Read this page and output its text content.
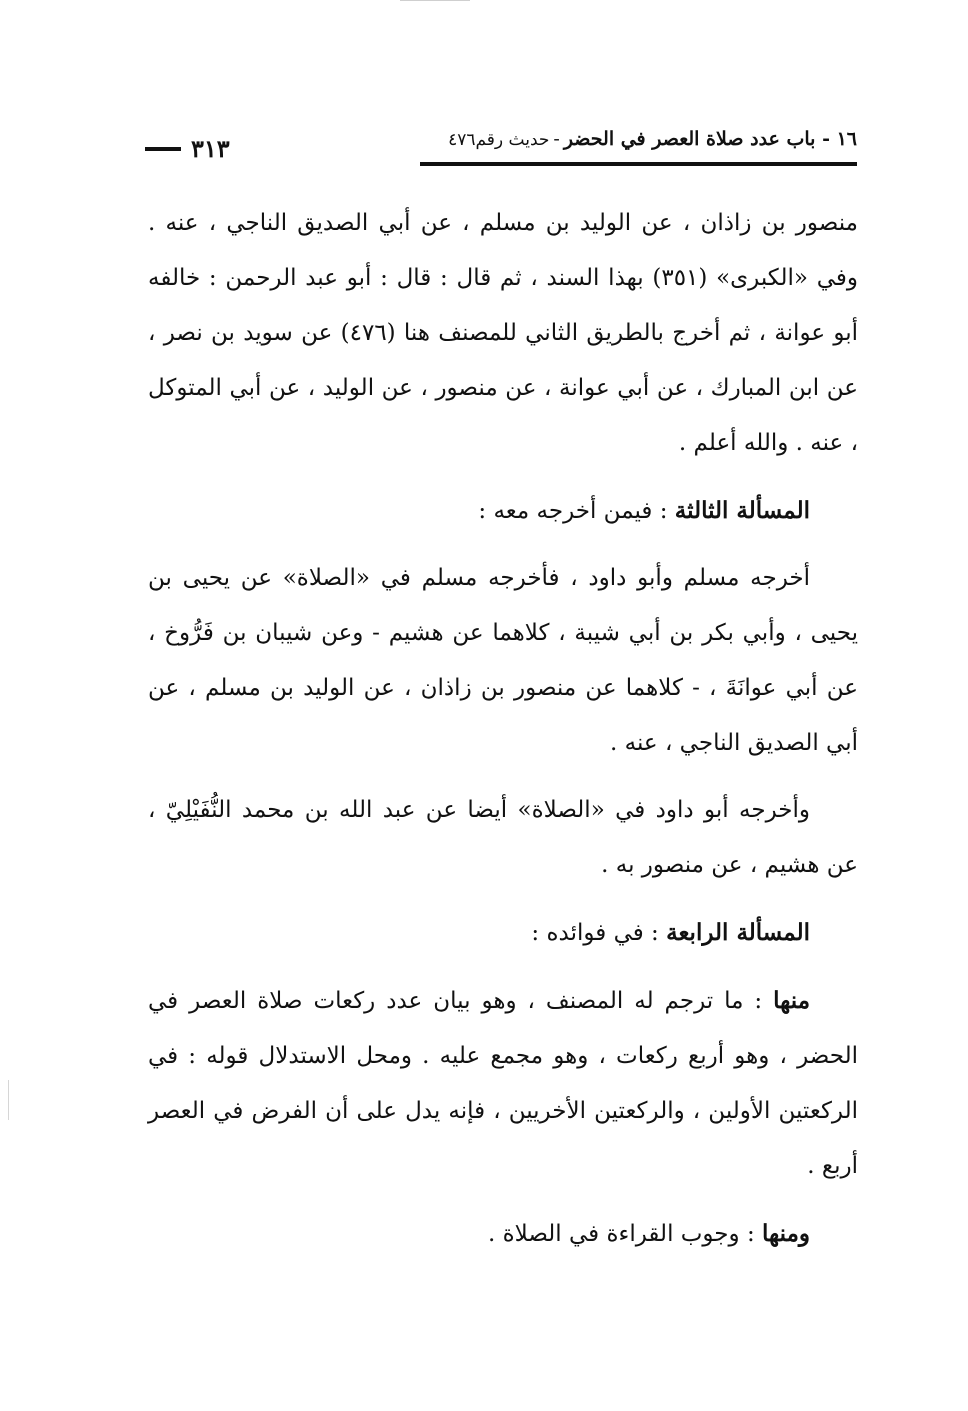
١٦ - باب عدد صلاة العصر في الحضر-حديث رقم٤٧٦
٣١٣

منصور بن زاذان ، عن الوليد بن مسلم ، عن أبي الصديق الناجي ، عنه . وفي «الكبرى» (٣٥١) بهذا السند ، ثم قال : قال : أبو عبد الرحمن : خالفه أبو عوانة ، ثم أخرج بالطريق الثاني للمصنف هنا (٤٧٦) عن سويد بن نصر ، عن ابن المبارك ، عن أبي عوانة ، عن منصور ، عن الوليد ، عن أبي المتوكل ، عنه . والله أعلم .

المسألة الثالثة : فيمن أخرجه معه :

أخرجه مسلم وأبو داود ، فأخرجه مسلم في «الصلاة» عن يحيى بن يحيى ، وأبي بكر بن أبي شيبة ، كلاهما عن هشيم - وعن شيبان بن فَرُّوخ ، عن أبي عوانَةَ ، - كلاهما عن منصور بن زاذان ، عن الوليد بن مسلم ، عن أبي الصديق الناجي ، عنه .

وأخرجه أبو داود في «الصلاة» أيضا عن عبد الله بن محمد النُّفَيْلِيّ ، عن هشيم ، عن منصور به .

المسألة الرابعة : في فوائده :

منها : ما ترجم له المصنف ، وهو بيان عدد ركعات صلاة العصر في الحضر ، وهو أربع ركعات ، وهو مجمع عليه . ومحل الاستدلال قوله : في الركعتين الأولين ، والركعتين الأخريين ، فإنه يدل على أن الفرض في العصر أربع .

ومنها : وجوب القراءة في الصلاة .
